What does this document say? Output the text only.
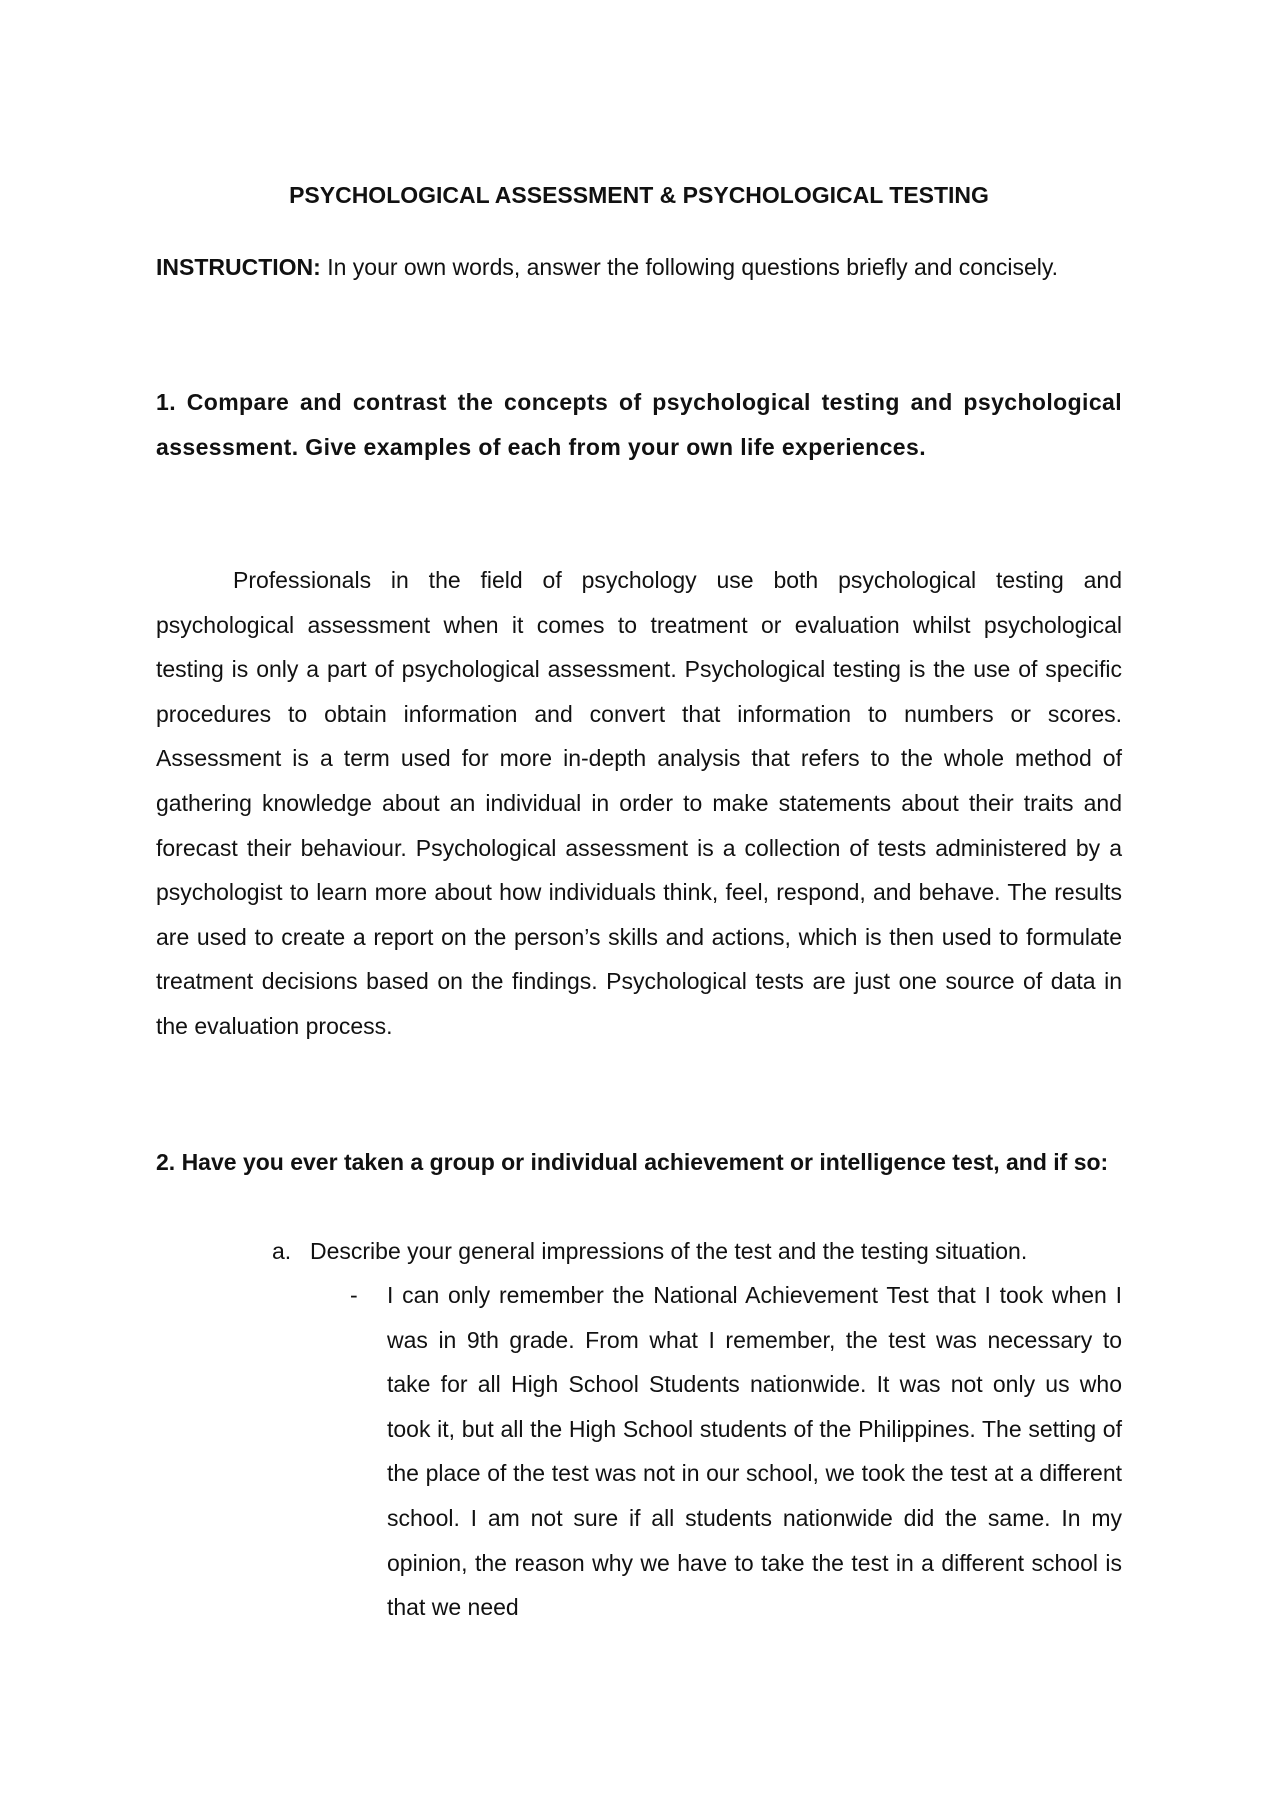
PSYCHOLOGICAL ASSESSMENT & PSYCHOLOGICAL TESTING
INSTRUCTION: In your own words, answer the following questions briefly and concisely.
1. Compare and contrast the concepts of psychological testing and psychological assessment. Give examples of each from your own life experiences.
Professionals in the field of psychology use both psychological testing and psychological assessment when it comes to treatment or evaluation whilst psychological testing is only a part of psychological assessment. Psychological testing is the use of specific procedures to obtain information and convert that information to numbers or scores. Assessment is a term used for more in-depth analysis that refers to the whole method of gathering knowledge about an individual in order to make statements about their traits and forecast their behaviour. Psychological assessment is a collection of tests administered by a psychologist to learn more about how individuals think, feel, respond, and behave. The results are used to create a report on the person’s skills and actions, which is then used to formulate treatment decisions based on the findings. Psychological tests are just one source of data in the evaluation process.
2. Have you ever taken a group or individual achievement or intelligence test, and if so:
a. Describe your general impressions of the test and the testing situation.
- I can only remember the National Achievement Test that I took when I was in 9th grade. From what I remember, the test was necessary to take for all High School Students nationwide. It was not only us who took it, but all the High School students of the Philippines. The setting of the place of the test was not in our school, we took the test at a different school. I am not sure if all students nationwide did the same. In my opinion, the reason why we have to take the test in a different school is that we need
